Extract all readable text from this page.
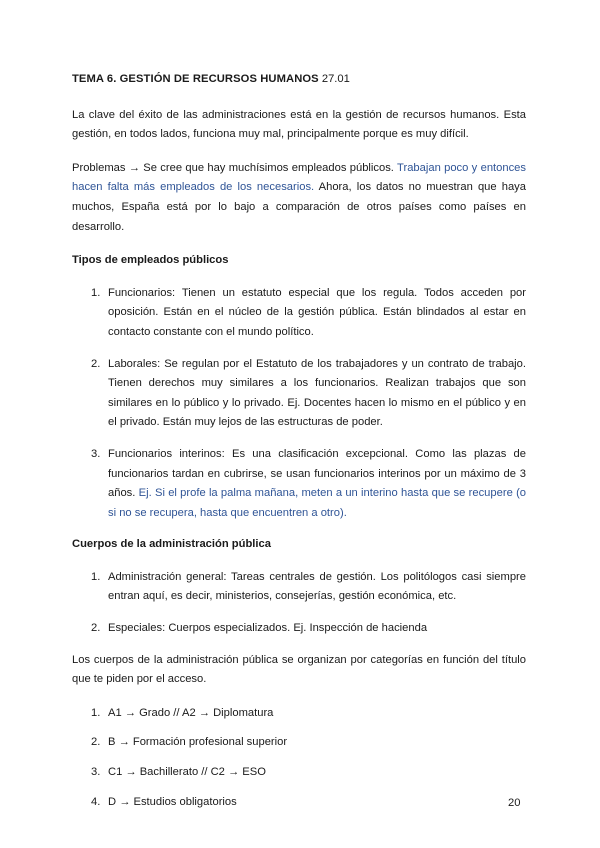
TEMA 6. GESTIÓN DE RECURSOS HUMANOS 27.01

La clave del éxito de las administraciones está en la gestión de recursos humanos. Esta gestión, en todos lados, funciona muy mal, principalmente porque es muy difícil.

Problemas → Se cree que hay muchísimos empleados públicos. Trabajan poco y entonces hacen falta más empleados de los necesarios. Ahora, los datos no muestran que haya muchos, España está por lo bajo a comparación de otros países como países en desarrollo.

Tipos de empleados públicos
1. Funcionarios: Tienen un estatuto especial que los regula. Todos acceden por oposición. Están en el núcleo de la gestión pública. Están blindados al estar en contacto constante con el mundo político.
2. Laborales: Se regulan por el Estatuto de los trabajadores y un contrato de trabajo. Tienen derechos muy similares a los funcionarios. Realizan trabajos que son similares en lo público y lo privado. Ej. Docentes hacen lo mismo en el público y en el privado. Están muy lejos de las estructuras de poder.
3. Funcionarios interinos: Es una clasificación excepcional. Como las plazas de funcionarios tardan en cubrirse, se usan funcionarios interinos por un máximo de 3 años. Ej. Si el profe la palma mañana, meten a un interino hasta que se recupere (o si no se recupera, hasta que encuentren a otro).
Cuerpos de la administración pública
1. Administración general: Tareas centrales de gestión. Los politólogos casi siempre entran aquí, es decir, ministerios, consejerías, gestión económica, etc.
2. Especiales: Cuerpos especializados. Ej. Inspección de hacienda

Los cuerpos de la administración pública se organizan por categorías en función del título que te piden por el acceso.

1. A1 → Grado // A2 → Diplomatura
2. B → Formación profesional superior
3. C1 → Bachillerato // C2 → ESO
4. D → Estudios obligatorios	20
